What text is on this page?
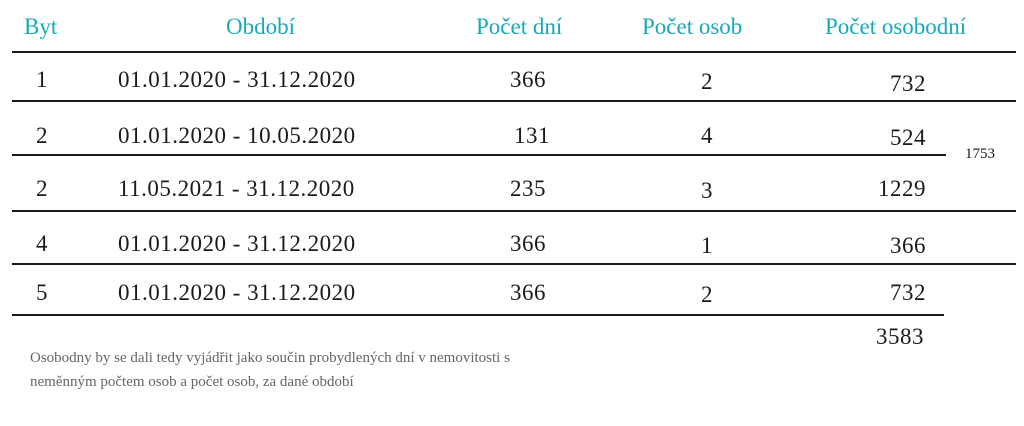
Byt	Období	Počet dní	Počet osob	Počet osobodní
1	01.01.2020 - 31.12.2020	366	2	732
2	01.01.2020 - 10.05.2020	131	4	524
2	11.05.2021 - 31.12.2020	235	3	1229
4	01.01.2020 - 31.12.2020	366	1	366
5	01.01.2020 - 31.12.2020	366	2	732
1753
3583
Osobodny by se dali tedy vyjádřit jako součin probydlených dní v nemovitosti s neměnným počtem osob a počet osob, za dané období
